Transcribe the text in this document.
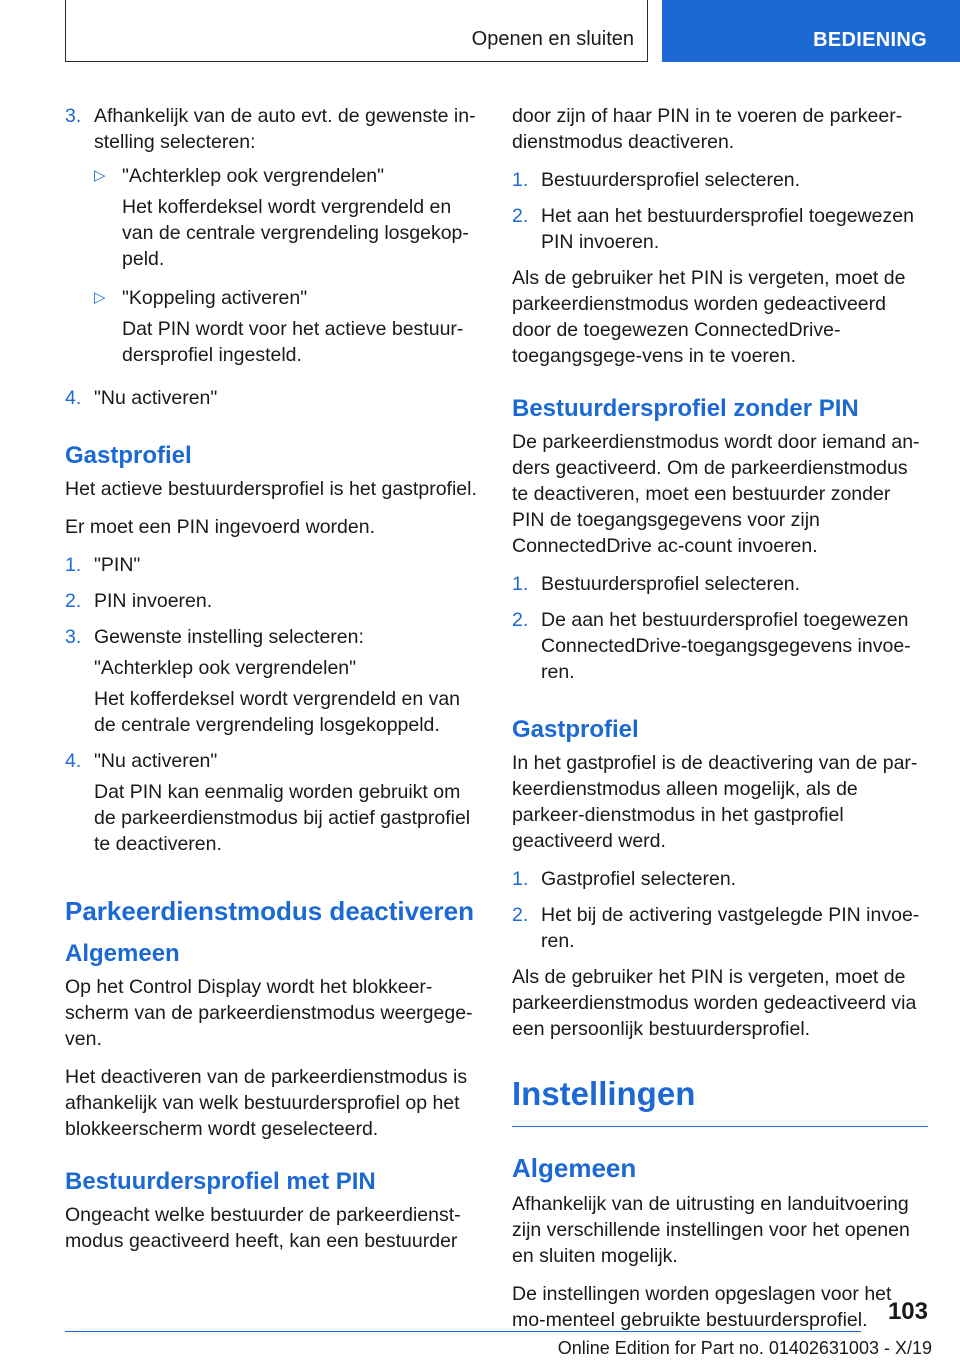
Openen en sluiten	BEDIENING
3. Afhankelijk van de auto evt. de gewenste in-stelling selecteren:

▷ "Achterklep ook vergrendelen"

Het kofferdeksel wordt vergrendeld en van de centrale vergrendeling losgekop-peld.

▷ "Koppeling activeren"

Dat PIN wordt voor het actieve bestuur-dersprofiel ingesteld.

4. "Nu activeren"

Gastprofiel

Het actieve bestuurdersprofiel is het gastprofiel.

Er moet een PIN ingevoerd worden.

1. "PIN"

2. PIN invoeren.

3. Gewenste instelling selecteren:

"Achterklep ook vergrendelen"

Het kofferdeksel wordt vergrendeld en van de centrale vergrendeling losgekoppeld.

4. "Nu activeren"

Dat PIN kan eenmalig worden gebruikt om de parkeerdienstmodus bij actief gastprofiel te deactiveren.

Parkeerdienstmodus deactiveren
Algemeen

Op het Control Display wordt het blokkeer-scherm van de parkeerdienstmodus weergege-ven.

Het deactiveren van de parkeerdienstmodus is afhankelijk van welk bestuurdersprofiel op het blokkeerscherm wordt geselecteerd.

Bestuurdersprofiel met PIN

Ongeacht welke bestuurder de parkeerdienst-modus geactiveerd heeft, kan een bestuurder

door zijn of haar PIN in te voeren de parkeer-dienstmodus deactiveren.

1. Bestuurdersprofiel selecteren.

2. Het aan het bestuurdersprofiel toegewezen PIN invoeren.

Als de gebruiker het PIN is vergeten, moet de parkeerdienstmodus worden gedeactiveerd door de toegewezen ConnectedDrive-toegangsgege-vens in te voeren.

Bestuurdersprofiel zonder PIN

De parkeerdienstmodus wordt door iemand an-ders geactiveerd. Om de parkeerdienstmodus te deactiveren, moet een bestuurder zonder PIN de toegangsgegevens voor zijn ConnectedDrive ac-count invoeren.

1. Bestuurdersprofiel selecteren.

2. De aan het bestuurdersprofiel toegewezen ConnectedDrive-toegangsgegevens invoe-ren.

Gastprofiel

In het gastprofiel is de deactivering van de par-keerdienstmodus alleen mogelijk, als de parkeer-dienstmodus in het gastprofiel geactiveerd werd.

1. Gastprofiel selecteren.

2. Het bij de activering vastgelegde PIN invoe-ren.

Als de gebruiker het PIN is vergeten, moet de parkeerdienstmodus worden gedeactiveerd via een persoonlijk bestuurdersprofiel.

Instellingen
Algemeen

Afhankelijk van de uitrusting en landuitvoering zijn verschillende instellingen voor het openen en sluiten mogelijk.

De instellingen worden opgeslagen voor het mo-menteel gebruikte bestuurdersprofiel. 103
Online Edition for Part no. 01402631003 - X/19
